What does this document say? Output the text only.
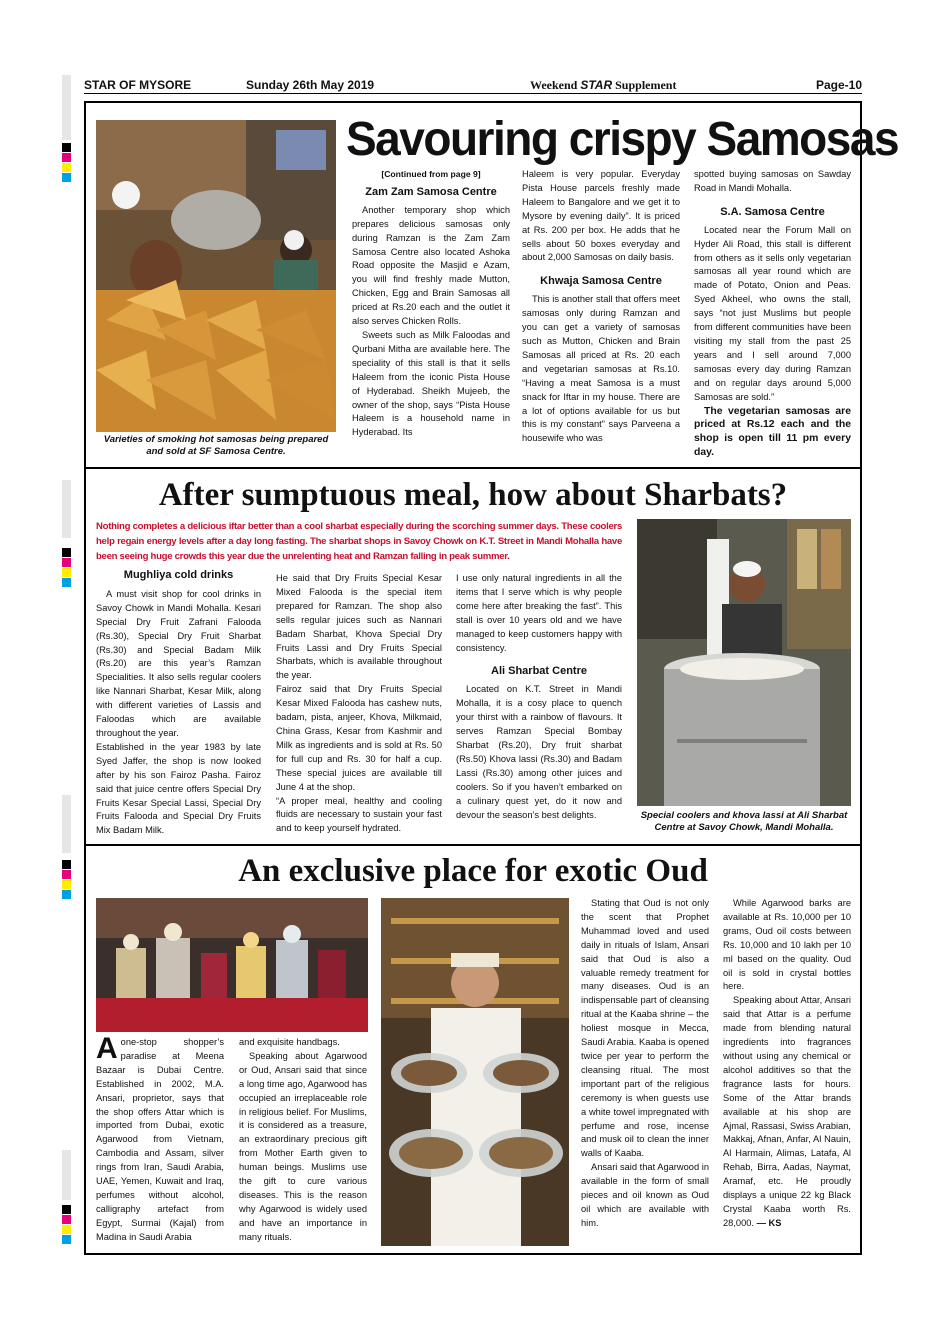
STAR OF MYSORE	Sunday 26th May 2019	Weekend STAR Supplement	Page-10
Varieties of smoking hot samosas being prepared and sold at SF Samosa Centre.
Savouring crispy Samosas

[Continued from page 9]

Zam Zam Samosa Centre

Another temporary shop which prepares delicious samosas only during Ramzan is the Zam Zam Samosa Centre also located Ashoka Road opposite the Masjid e Azam, you will find freshly made Mutton, Chicken, Egg and Brain Samosas all priced at Rs.20 each and the outlet it also serves Chicken Rolls.

Sweets such as Milk Faloodas and Qurbani Mitha are available here. The speciality of this stall is that it sells Haleem from the iconic Pista House of Hyderabad. Sheikh Mujeeb, the owner of the shop, says “Pista House Haleem is a household name in Hyderabad. Its

Haleem is very popular. Everyday Pista House parcels freshly made Haleem to Bangalore and we get it to Mysore by evening daily”. It is priced at Rs. 200 per box. He adds that he sells about 50 boxes everyday and about 2,000 Samosas on daily basis.

Khwaja Samosa Centre

This is another stall that offers meet samosas only during Ramzan and you can get a variety of samosas such as Mutton, Chicken and Brain Samosas all priced at Rs. 20 each and vegetarian samosas at Rs.10. “Having a meat Samosa is a must snack for Iftar in my house. There are a lot of options available for us but this is my constant” says Parveena a housewife who was

spotted buying samosas on Sawday Road in Mandi Mohalla.

S.A. Samosa Centre

Located near the Forum Mall on Hyder Ali Road, this stall is different from others as it sells only vegetarian samosas all year round which are made of Potato, Onion and Peas. Syed Akheel, who owns the stall, says “not just Muslims but people from different communities have been visiting my stall from the past 25 years and I sell around 7,000 samosas every day during Ramzan and on regular days around 5,000 Samosas are sold.”

The vegetarian samosas are priced at Rs.12 each and the shop is open till 11 pm every day.

After sumptuous meal, how about Sharbats?
Nothing completes a delicious iftar better than a cool sharbat especially during the scorching summer days. These coolers help regain energy levels after a day long fasting. The sharbat shops in Savoy Chowk on K.T. Street in Mandi Mohalla have been seeing huge crowds this year due the unrelenting heat and Ramzan falling in peak summer.

Mughliya cold drinks

A must visit shop for cool drinks in Savoy Chowk in Mandi Mohalla. Kesari Special Dry Fruit Zafrani Falooda (Rs.30), Special Dry Fruit Sharbat (Rs.30) and Special Badam Milk (Rs.20) are this year’s Ramzan Specialities. It also sells regular coolers like Nannari Sharbat, Kesar Milk, along with different varieties of Lassis and Faloodas which are available throughout the year.

Established in the year 1983 by late Syed Jaffer, the shop is now looked after by his son Fairoz Pasha. Fairoz said that juice centre offers Special Dry Fruits Kesar Special Lassi, Special Dry Fruits Falooda and Special Dry Fruits Mix Badam Milk.

He said that Dry Fruits Special Kesar Mixed Falooda is the special item prepared for Ramzan. The shop also sells regular juices such as Nannari Badam Sharbat, Khova Special Dry Fruits Lassi and Dry Fruits Special Sharbats, which is available throughout the year.

Fairoz said that Dry Fruits Special Kesar Mixed Falooda has cashew nuts, badam, pista, anjeer, Khova, Milkmaid, China Grass, Kesar from Kashmir and Milk as ingredients and is sold at Rs. 50 for full cup and Rs. 30 for half a cup. These special juices are available till June 4 at the shop.

“A proper meal, healthy and cooling fluids are necessary to sustain your fast and to keep yourself hydrated.

I use only natural ingredients in all the items that I serve which is why people come here after breaking the fast”. This stall is over 10 years old and we have managed to keep customers happy with consistency.

Ali Sharbat Centre

Located on K.T. Street in Mandi Mohalla, it is a cosy place to quench your thirst with a rainbow of flavours. It serves Ramzan Special Bombay Sharbat (Rs.20), Dry fruit sharbat (Rs.50) Khova lassi (Rs.30) and Badam Lassi (Rs.30) among other juices and coolers. So if you haven’t embarked on a culinary quest yet, do it now and devour the season’s best delights.	Special coolers and khova lassi at Ali Sharbat Centre at Savoy Chowk, Mandi Mohalla.
An exclusive place for exotic Oud

Aone-stop shopper’s paradise at Meena Bazaar is Dubai Centre. Established in 2002, M.A. Ansari, proprietor, says that the shop offers Attar which is imported from Dubai, exotic Agarwood from Vietnam, Cambodia and Assam, silver rings from Iran, Saudi Arabia, UAE, Yemen, Kuwait and Iraq, perfumes without alcohol, calligraphy artefact from Egypt, Surmai (Kajal) from Madina in Saudi Arabia

and exquisite handbags.

Speaking about Agarwood or Oud, Ansari said that since a long time ago, Agarwood has occupied an irreplaceable role in religious belief. For Muslims, it is considered as a treasure, an extraordinary precious gift from Mother Earth given to human beings. Muslims use the gift to cure various diseases. This is the reason why Agarwood is widely used and have an importance in many rituals.

Stating that Oud is not only the scent that Prophet Muhammad loved and used daily in rituals of Islam, Ansari said that Oud is also a valuable remedy treatment for many diseases. Oud is an indispensable part of cleansing ritual at the Kaaba shrine – the holiest mosque in Mecca, Saudi Arabia. Kaaba is opened twice per year to perform the cleansing ritual. The most important part of the religious ceremony is when guests use a white towel impregnated with perfume and rose, incense and musk oil to clean the inner walls of Kaaba.

Ansari said that Agarwood in available in the form of small pieces and oil known as Oud oil which are available with him.

While Agarwood barks are available at Rs. 10,000 per 10 grams, Oud oil costs between Rs. 10,000 and 10 lakh per 10 ml based on the quality. Oud oil is sold in crystal bottles here.

Speaking about Attar, Ansari said that Attar is a perfume made from blending natural ingredients into fragrances without using any chemical or alcohol additives so that the fragrance lasts for hours. Some of the Attar brands available at his shop are Ajmal, Rassasi, Swiss Arabian, Makkaj, Afnan, Anfar, Al Nauin, Al Harmain, Alimas, Latafa, Al Rehab, Birra, Aadas, Naymat, Aramaf, etc. He proudly displays a unique 22 kg Black Crystal Kaaba worth Rs. 28,000. — KS
